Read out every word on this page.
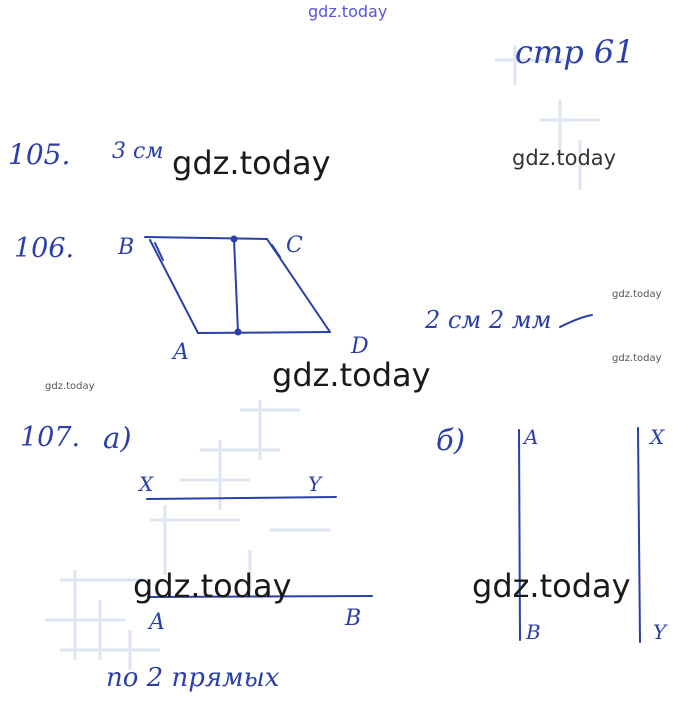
gdz.today
gdz.today
gdz.today
gdz.today
gdz.today
gdz.today
gdz.today
gdz.today	gdz.today
стр 61
105. 3 см
106. B	C
A	D
2 см 2 мм
107. а)	б)
X	Y
A	B
A
B
X
Y
по 2 прямых
